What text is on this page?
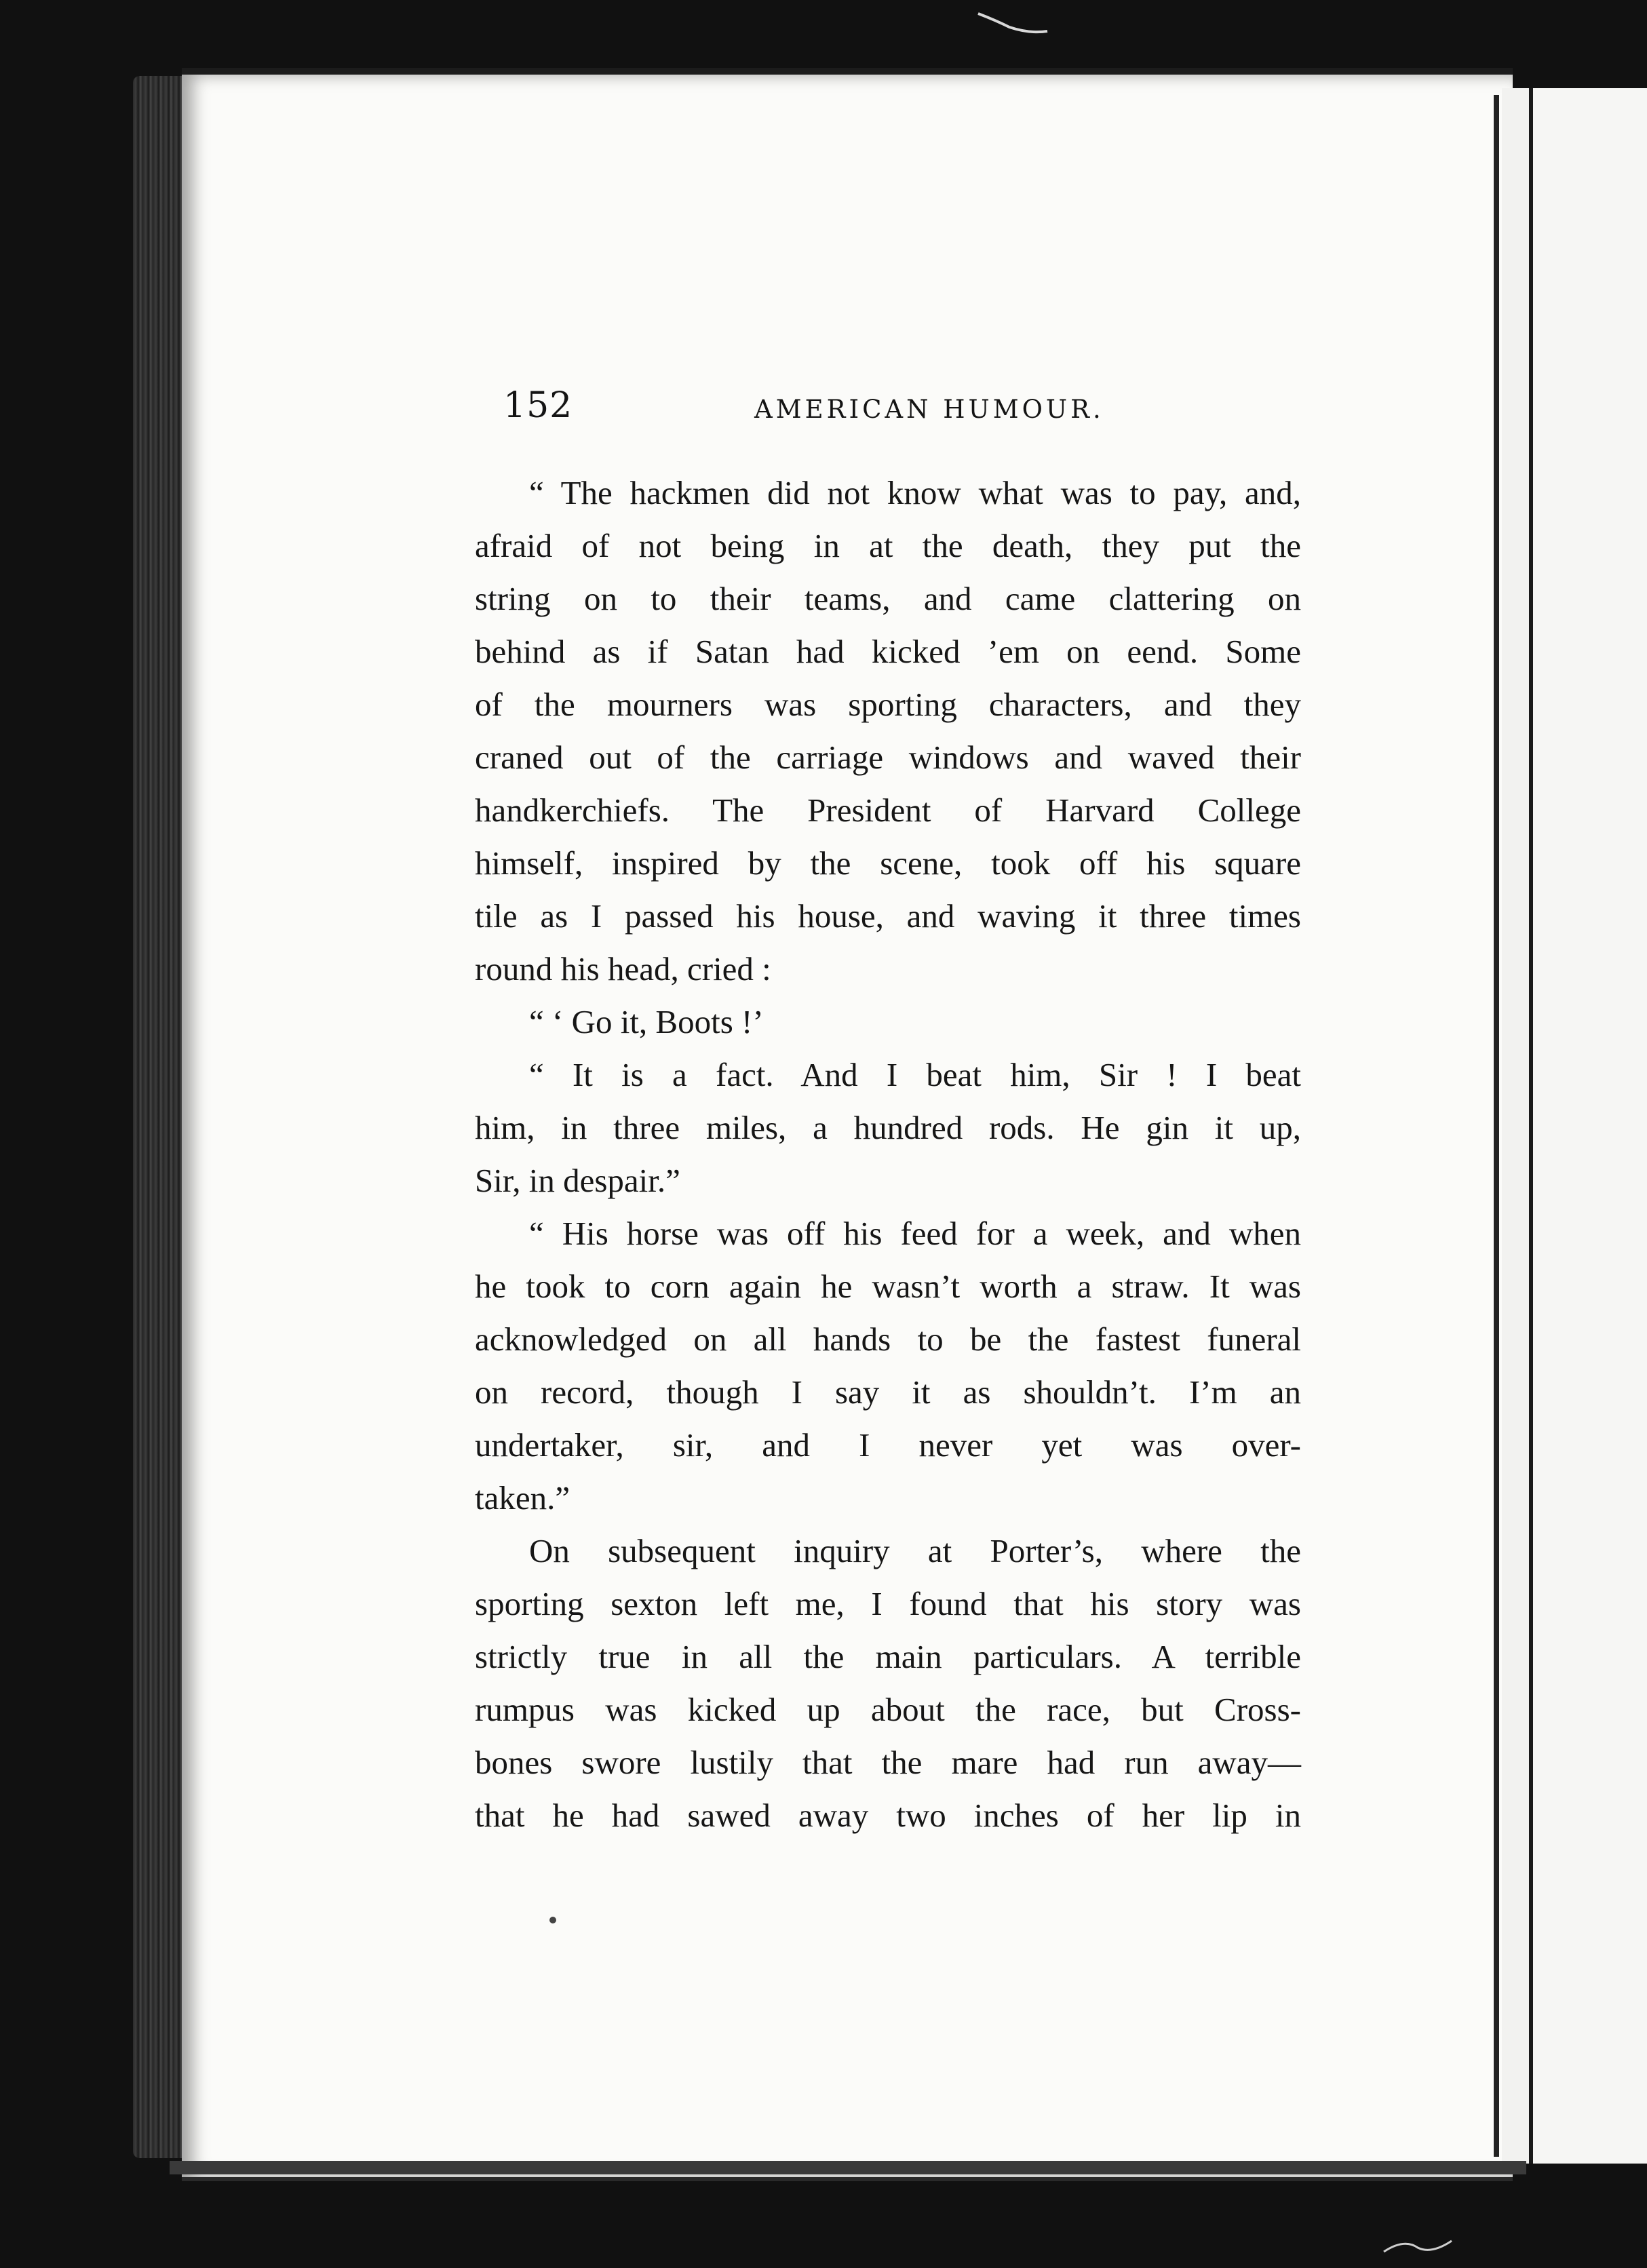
152	AMERICAN HUMOUR.
“ The hackmen did not know what was to pay, and,
afraid of not being in at the death, they put the
string on to their teams, and came clattering on
behind as if Satan had kicked ’em on eend. Some
of the mourners was sporting characters, and they
craned out of the carriage windows and waved their
handkerchiefs. The President of Harvard College
himself, inspired by the scene, took off his square
tile as I passed his house, and waving it three times
round his head, cried :
“ ‘ Go it, Boots !’
“ It is a fact. And I beat him, Sir ! I beat
him, in three miles, a hundred rods. He gin it up,
Sir, in despair.”
“ His horse was off his feed for a week, and when
he took to corn again he wasn’t worth a straw. It was
acknowledged on all hands to be the fastest funeral
on record, though I say it as shouldn’t. I’m an
undertaker, sir, and I never yet was over-
taken.”
On subsequent inquiry at Porter’s, where the
sporting sexton left me, I found that his story was
strictly true in all the main particulars. A terrible
rumpus was kicked up about the race, but Cross-
bones swore lustily that the mare had run away—
that he had sawed away two inches of her lip in
